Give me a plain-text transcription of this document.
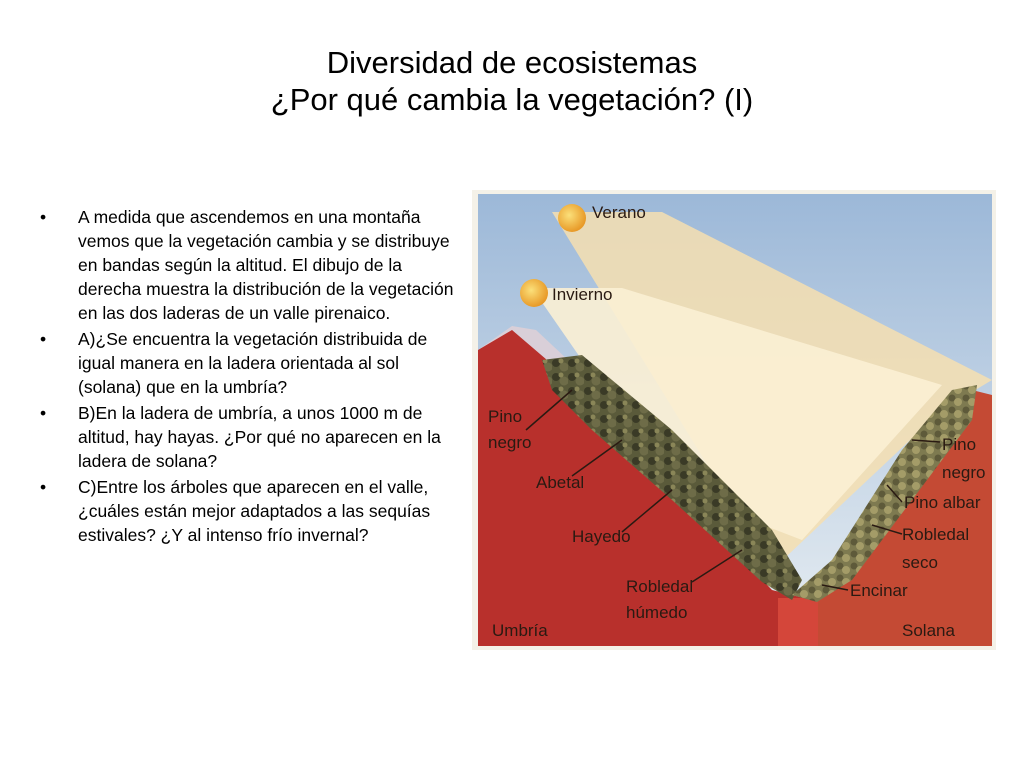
Diversidad de ecosistemas
¿Por qué cambia la vegetación? (I)
• A medida que ascendemos en una montaña vemos que la vegetación cambia y se distribuye en bandas según la altitud. El dibujo de la derecha muestra la distribución de la vegetación en las dos laderas de un valle pirenaico.
• A)¿Se encuentra la vegetación distribuida de igual manera en la ladera orientada al sol (solana) que en la umbría?
• B)En la ladera de umbría, a unos 1000 m de altitud, hay hayas. ¿Por qué no aparecen en la ladera de solana?
• C)Entre los árboles que aparecen en el valle, ¿cuáles están mejor adaptados a las sequías estivales? ¿Y al intenso frío invernal?
Verano
Invierno
Pino
negro
Abetal
Hayedo
Robledal
húmedo
Umbría
Pino
negro
Pino albar
Robledal
seco
Encinar
Solana
